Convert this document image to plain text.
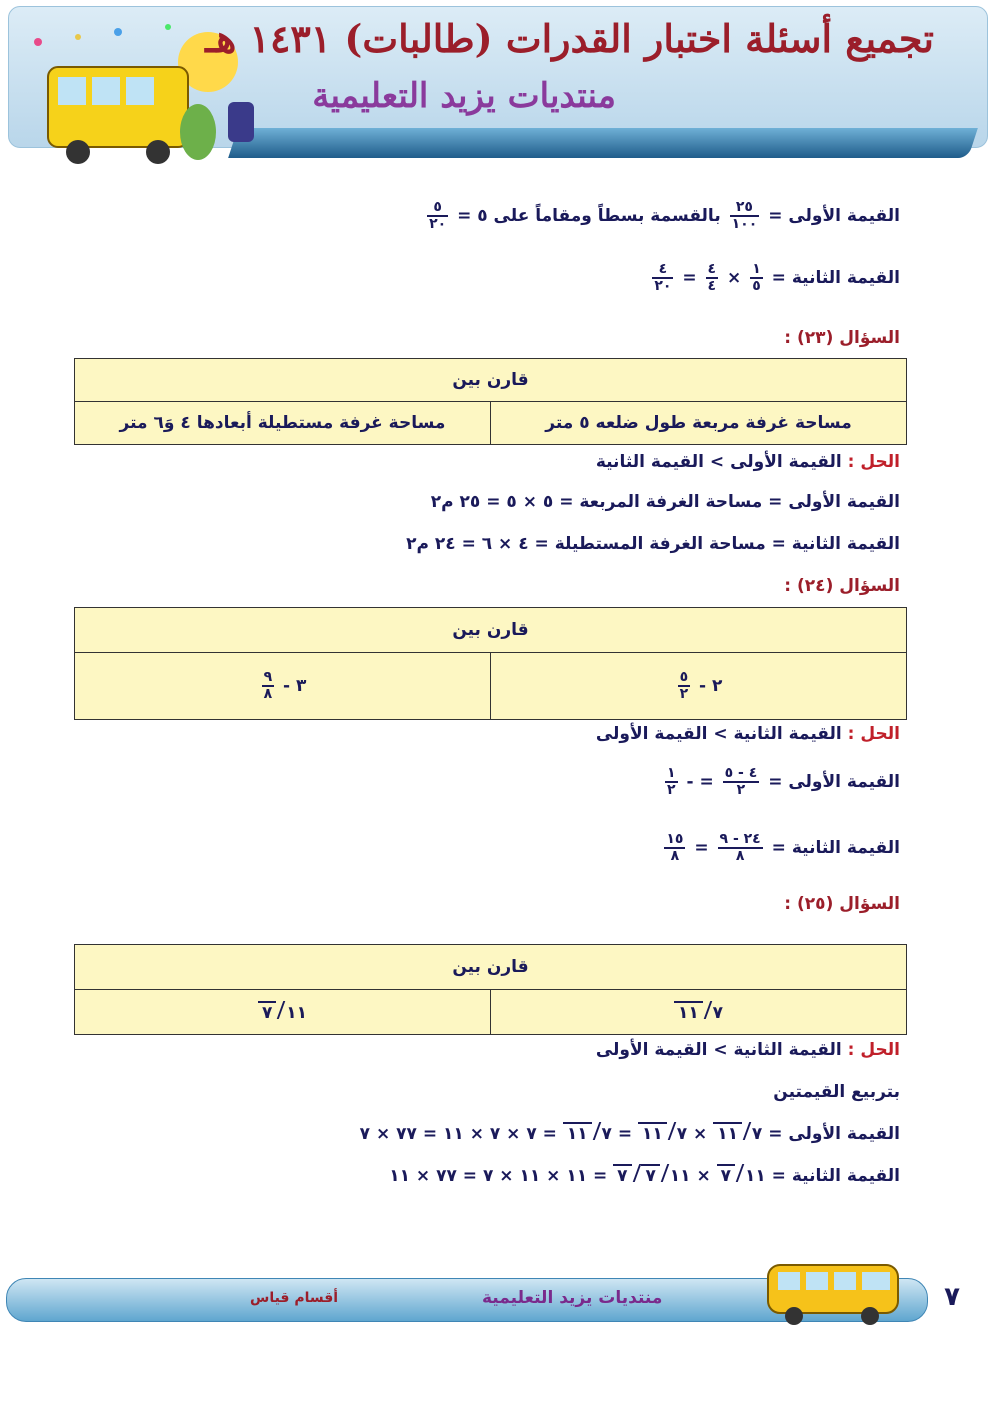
تجميع أسئلة اختبار القدرات (طالبات) ١٤٣١ هـ
منتديات يزيد التعليمية
القيمة الأولى =
$\frac{٢٥}{١٠٠}$
بالقسمة بسطاً ومقاماً على ٥ =
$\frac{٥}{٢٠}$
القيمة الثانية =
$\frac{١}{٥}$
×
$\frac{٤}{٤}$
=
$\frac{٤}{٢٠}$
السؤال (٢٣) :
قارن بين
مساحة غرفة مربعة طول ضلعه ٥ متر	مساحة غرفة مستطيلة أبعادها ٤ وَ٦ متر
الحل : القيمة الأولى > القيمة الثانية
القيمة الأولى = مساحة الغرفة المربعة = ٥ × ٥ = ٢٥ م٢
القيمة الثانية = مساحة الغرفة المستطيلة = ٤ × ٦ = ٢٤ م٢
السؤال (٢٤) :
قارن بين
٢ -
$\frac{٥}{٢}$
	٣ -
$\frac{٩}{٨}$
الحل : القيمة الثانية > القيمة الأولى
القيمة الأولى =
$\frac{٤ - ٥}{٢}$
= -
$\frac{١}{٢}$
القيمة الثانية =
$\frac{٢٤ - ٩}{٨}$
=
$\frac{١٥}{٨}$
السؤال (٢٥) :
قارن بين
٧ ١١	١١ ٧
الحل : القيمة الثانية > القيمة الأولى
بتربيع القيمتين
القيمة الأولى = ٧ ١١ × ٧ ١١ = ٧ ١١ = ٧ × ٧ × ١١ = ٧٧ × ٧
القيمة الثانية = ١١ ٧ × ١١ ٧ ٧ = ١١ × ١١ × ٧ = ٧٧ × ١١
٧
منتديات يزيد التعليمية
أقسام قياس
